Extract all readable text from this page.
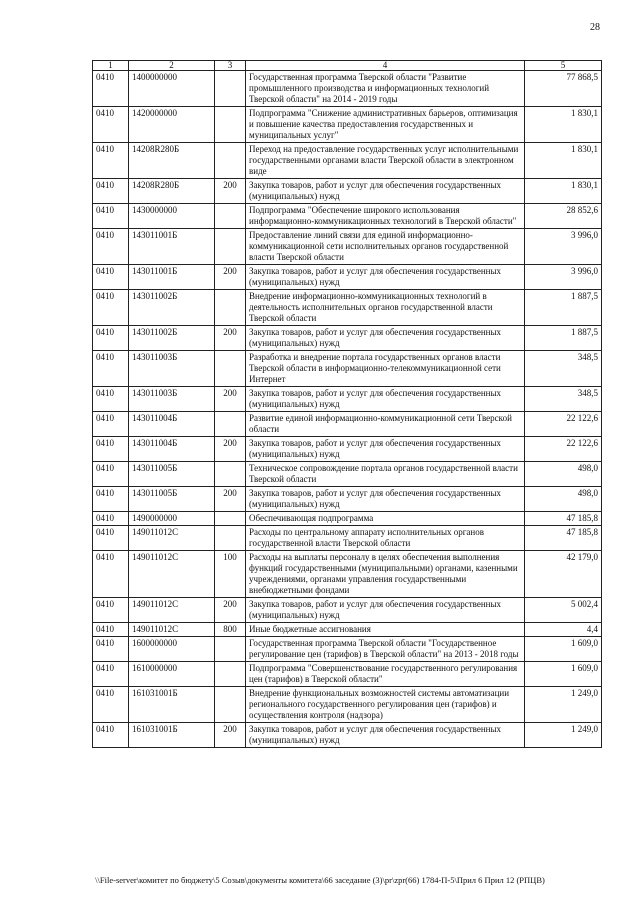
28
1	2	3	4	5
0410	1400000000		Государственная программа Тверской области "Развитие промышленного производства и информационных технологий Тверской области" на 2014 - 2019 годы	77 868,5
0410	1420000000		Подпрограмма "Снижение административных барьеров, оптимизация и повышение качества предоставления государственных и муниципальных услуг"	1 830,1
0410	14208R280Б		Переход на предоставление государственных услуг исполнительными государственными органами власти Тверской области в электронном виде	1 830,1
0410	14208R280Б	200	Закупка товаров, работ и услуг для обеспечения государственных (муниципальных) нужд	1 830,1
0410	1430000000		Подпрограмма "Обеспечение широкого использования информационно-коммуникационных технологий в Тверской области"	28 852,6
0410	143011001Б		Предоставление линий связи для единой информационно-коммуникационной сети исполнительных органов государственной власти Тверской области	3 996,0
0410	143011001Б	200	Закупка товаров, работ и услуг для обеспечения государственных (муниципальных) нужд	3 996,0
0410	143011002Б		Внедрение информационно-коммуникационных технологий в деятельность исполнительных органов государственной власти Тверской области	1 887,5
0410	143011002Б	200	Закупка товаров, работ и услуг для обеспечения государственных (муниципальных) нужд	1 887,5
0410	143011003Б		Разработка и внедрение портала государственных органов власти Тверской области в информационно-телекоммуникационной сети Интернет	348,5
0410	143011003Б	200	Закупка товаров, работ и услуг для обеспечения государственных (муниципальных) нужд	348,5
0410	143011004Б		Развитие единой информационно-коммуникационной сети Тверской области	22 122,6
0410	143011004Б	200	Закупка товаров, работ и услуг для обеспечения государственных (муниципальных) нужд	22 122,6
0410	143011005Б		Техническое сопровождение портала органов государственной власти Тверской области	498,0
0410	143011005Б	200	Закупка товаров, работ и услуг для обеспечения государственных (муниципальных) нужд	498,0
0410	1490000000		Обеспечивающая подпрограмма	47 185,8
0410	149011012С		Расходы по центральному аппарату исполнительных органов государственной власти Тверской области	47 185,8
0410	149011012С	100	Расходы на выплаты персоналу в целях обеспечения выполнения функций государственными (муниципальными) органами, казенными учреждениями, органами управления государственными внебюджетными фондами	42 179,0
0410	149011012С	200	Закупка товаров, работ и услуг для обеспечения государственных (муниципальных) нужд	5 002,4
0410	149011012С	800	Иные бюджетные ассигнования	4,4
0410	1600000000		Государственная программа Тверской области "Государственное регулирование цен (тарифов) в Тверской области" на 2013 - 2018 годы	1 609,0
0410	1610000000		Подпрограмма "Совершенствование государственного регулирования цен (тарифов) в Тверской области"	1 609,0
0410	161031001Б		Внедрение функциональных возможностей системы автоматизации регионального государственного регулирования цен (тарифов) и осуществления контроля (надзора)	1 249,0
0410	161031001Б	200	Закупка товаров, работ и услуг для обеспечения государственных (муниципальных) нужд	1 249,0
\\File-server\комитет по бюджету\5 Созыв\документы комитета\66 заседание (3)\pr\zpr(66) 1784-П-5\Прил 6 Прил 12 (РПЦВ)
